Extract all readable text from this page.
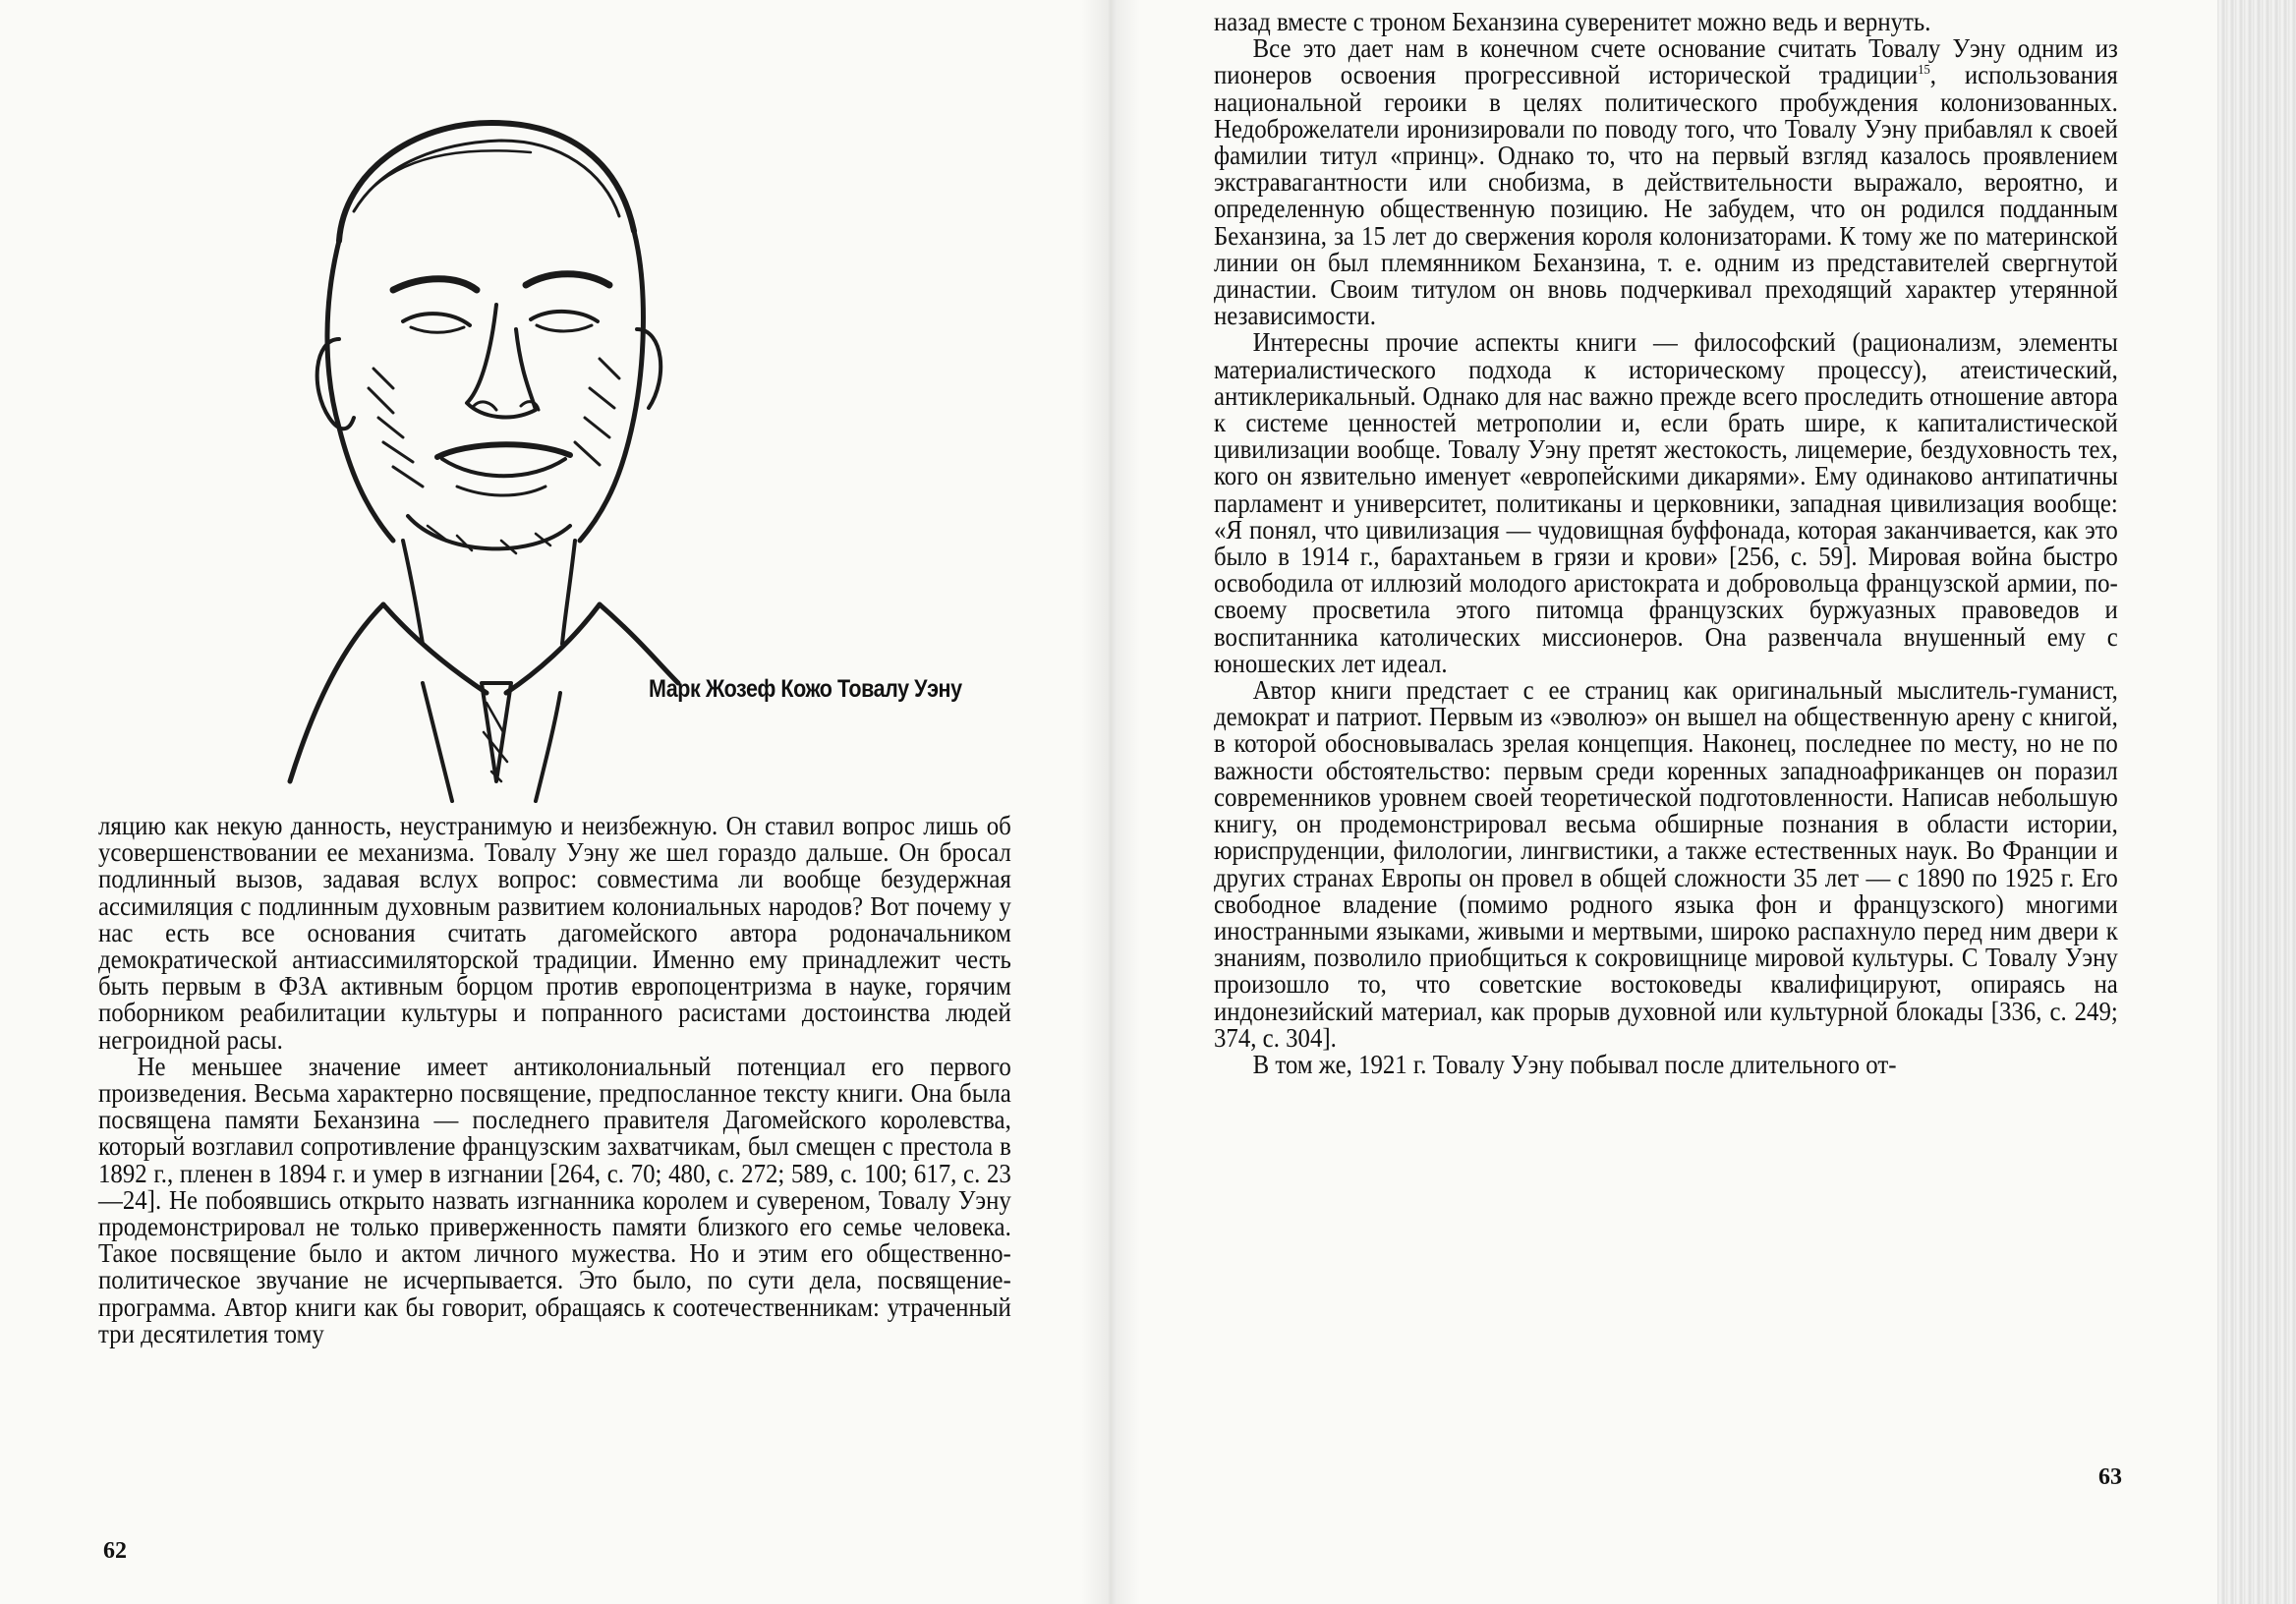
Марк Жозеф Кожо Товалу Уэну

ляцию как некую данность, неустранимую и неизбежную. Он ставил вопрос лишь об усовершенствовании ее механизма. Товалу Уэну же шел гораздо дальше. Он бросал подлинный вызов, задавая вслух вопрос: совместима ли вообще безудержная ассимиляция с подлинным духовным развитием колониальных народов? Вот почему у нас есть все основания считать дагомейского автора родоначальником демократической антиассимиляторской традиции. Именно ему принадлежит честь быть первым в ФЗА активным борцом против европоцентризма в науке, горячим поборником реабилитации культуры и попранного расистами достоинства людей негроидной расы.

Не меньшее значение имеет антиколониальный потенциал его первого произведения. Весьма характерно посвящение, предпосланное тексту книги. Она была посвящена памяти Беханзина — последнего правителя Дагомейского королевства, который возглавил сопротивление французским захватчикам, был смещен с престола в 1892 г., пленен в 1894 г. и умер в изгнании [264, с. 70; 480, с. 272; 589, с. 100; 617, с. 23—24]. Не побоявшись открыто назвать изгнанника королем и сувереном, Товалу Уэну продемонстрировал не только приверженность памяти близкого его семье человека. Такое посвящение было и актом личного мужества. Но и этим его общественно-политическое звучание не исчерпывается. Это было, по сути дела, посвящение-программа. Автор книги как бы говорит, обращаясь к соотечественникам: утраченный три десятилетия тому

62

назад вместе с троном Беханзина суверенитет можно ведь и вернуть.

Все это дает нам в конечном счете основание считать Товалу Уэну одним из пионеров освоения прогрессивной исторической традиции$^{15}$, использования национальной героики в целях политического пробуждения колонизованных. Недоброжелатели иронизировали по поводу того, что Товалу Уэну прибавлял к своей фамилии титул «принц». Однако то, что на первый взгляд казалось проявлением экстравагантности или снобизма, в действительности выражало, вероятно, и определенную общественную позицию. Не забудем, что он родился подданным Беханзина, за 15 лет до свержения короля колонизаторами. К тому же по материнской линии он был племянником Беханзина, т. е. одним из представителей свергнутой династии. Своим титулом он вновь подчеркивал преходящий характер утерянной независимости.

Интересны прочие аспекты книги — философский (рационализм, элементы материалистического подхода к историческому процессу), атеистический, антиклерикальный. Однако для нас важно прежде всего проследить отношение автора к системе ценностей метрополии и, если брать шире, к капиталистической цивилизации вообще. Товалу Уэну претят жестокость, лицемерие, бездуховность тех, кого он язвительно именует «европейскими дикарями». Ему одинаково антипатичны парламент и университет, политиканы и церковники, западная цивилизация вообще: «Я понял, что цивилизация — чудовищная буффонада, которая заканчивается, как это было в 1914 г., барахтаньем в грязи и крови» [256, с. 59]. Мировая война быстро освободила от иллюзий молодого аристократа и добровольца французской армии, по-своему просветила этого питомца французских буржуазных правоведов и воспитанника католических миссионеров. Она развенчала внушенный ему с юношеских лет идеал.

Автор книги предстает с ее страниц как оригинальный мыслитель-гуманист, демократ и патриот. Первым из «эволюэ» он вышел на общественную арену с книгой, в которой обосновывалась зрелая концепция. Наконец, последнее по месту, но не по важности обстоятельство: первым среди коренных западноафриканцев он поразил современников уровнем своей теоретической подготовленности. Написав небольшую книгу, он продемонстрировал весьма обширные познания в области истории, юриспруденции, филологии, лингвистики, а также естественных наук. Во Франции и других странах Европы он провел в общей сложности 35 лет — с 1890 по 1925 г. Его свободное владение (помимо родного языка фон и французского) многими иностранными языками, живыми и мертвыми, широко распахнуло перед ним двери к знаниям, позволило приобщиться к сокровищнице мировой культуры. С Товалу Уэну произошло то, что советские востоковеды квалифицируют, опираясь на индонезийский материал, как прорыв духовной или культурной блокады [336, с. 249; 374, с. 304].

В том же, 1921 г. Товалу Уэну побывал после длительного от-

63
